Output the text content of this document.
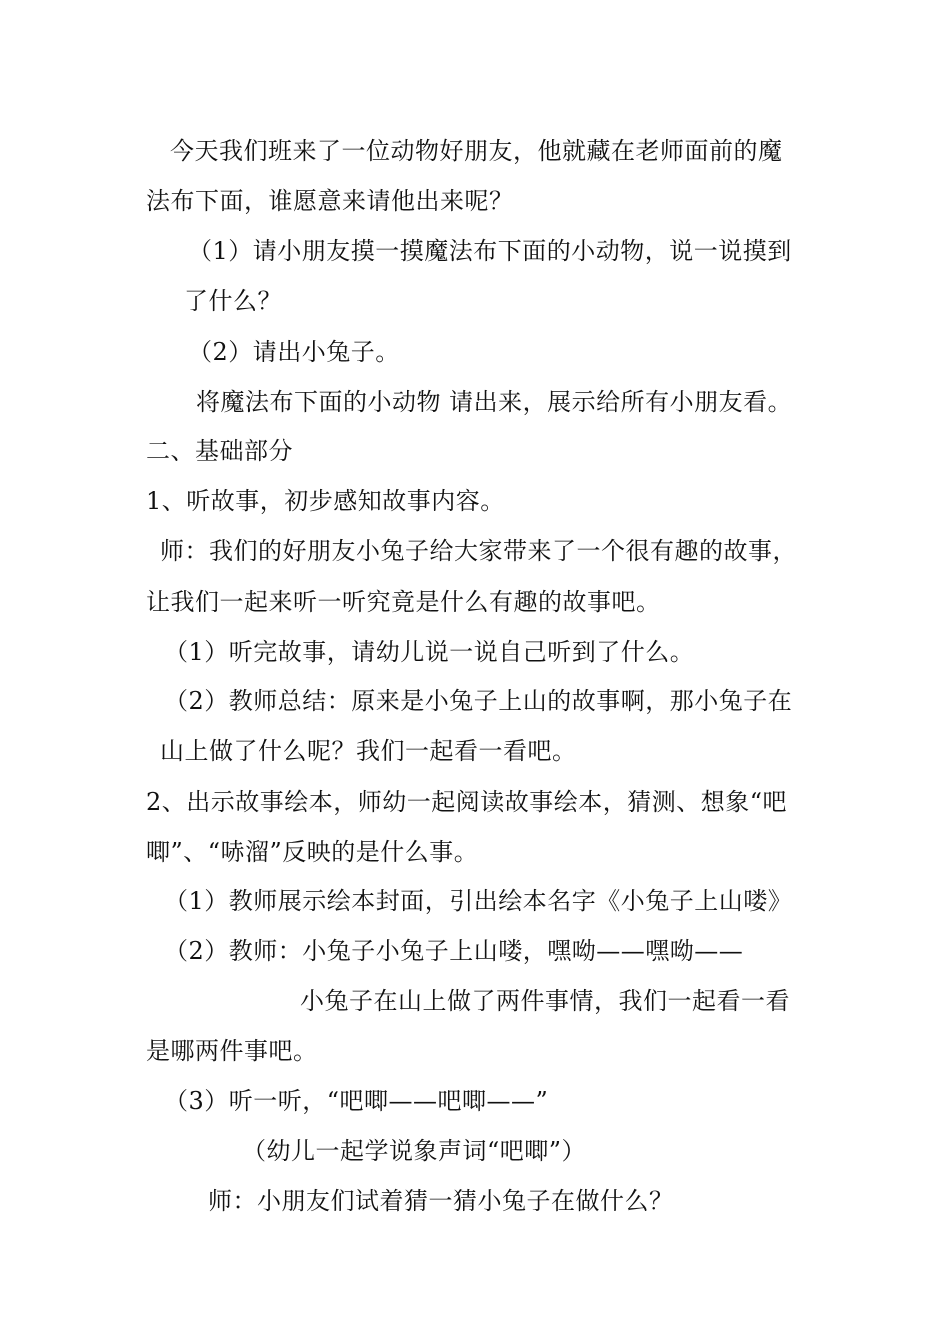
今天我们班来了一位动物好朋友，他就藏在老师面前的魔
法布下面，谁愿意来请他出来呢？
（1）请小朋友摸一摸魔法布下面的小动物，说一说摸到
了什么？
（2）请出小兔子。
将魔法布下面的小动物 请出来，展示给所有小朋友看。
二、基础部分
1、听故事，初步感知故事内容。
师：我们的好朋友小兔子给大家带来了一个很有趣的故事，
让我们一起来听一听究竟是什么有趣的故事吧。
（1）听完故事，请幼儿说一说自己听到了什么。
（2）教师总结：原来是小兔子上山的故事啊，那小兔子在
山上做了什么呢？我们一起看一看吧。
2、出示故事绘本，师幼一起阅读故事绘本，猜测、想象“吧
唧”、“哧溜”反映的是什么事。
（1）教师展示绘本封面，引出绘本名字《小兔子上山喽》
（2）教师：小兔子小兔子上山喽，嘿呦——嘿呦——
小兔子在山上做了两件事情，我们一起看一看
是哪两件事吧。
（3）听一听，“吧唧——吧唧——”
（幼儿一起学说象声词“吧唧”）
师：小朋友们试着猜一猜小兔子在做什么？
